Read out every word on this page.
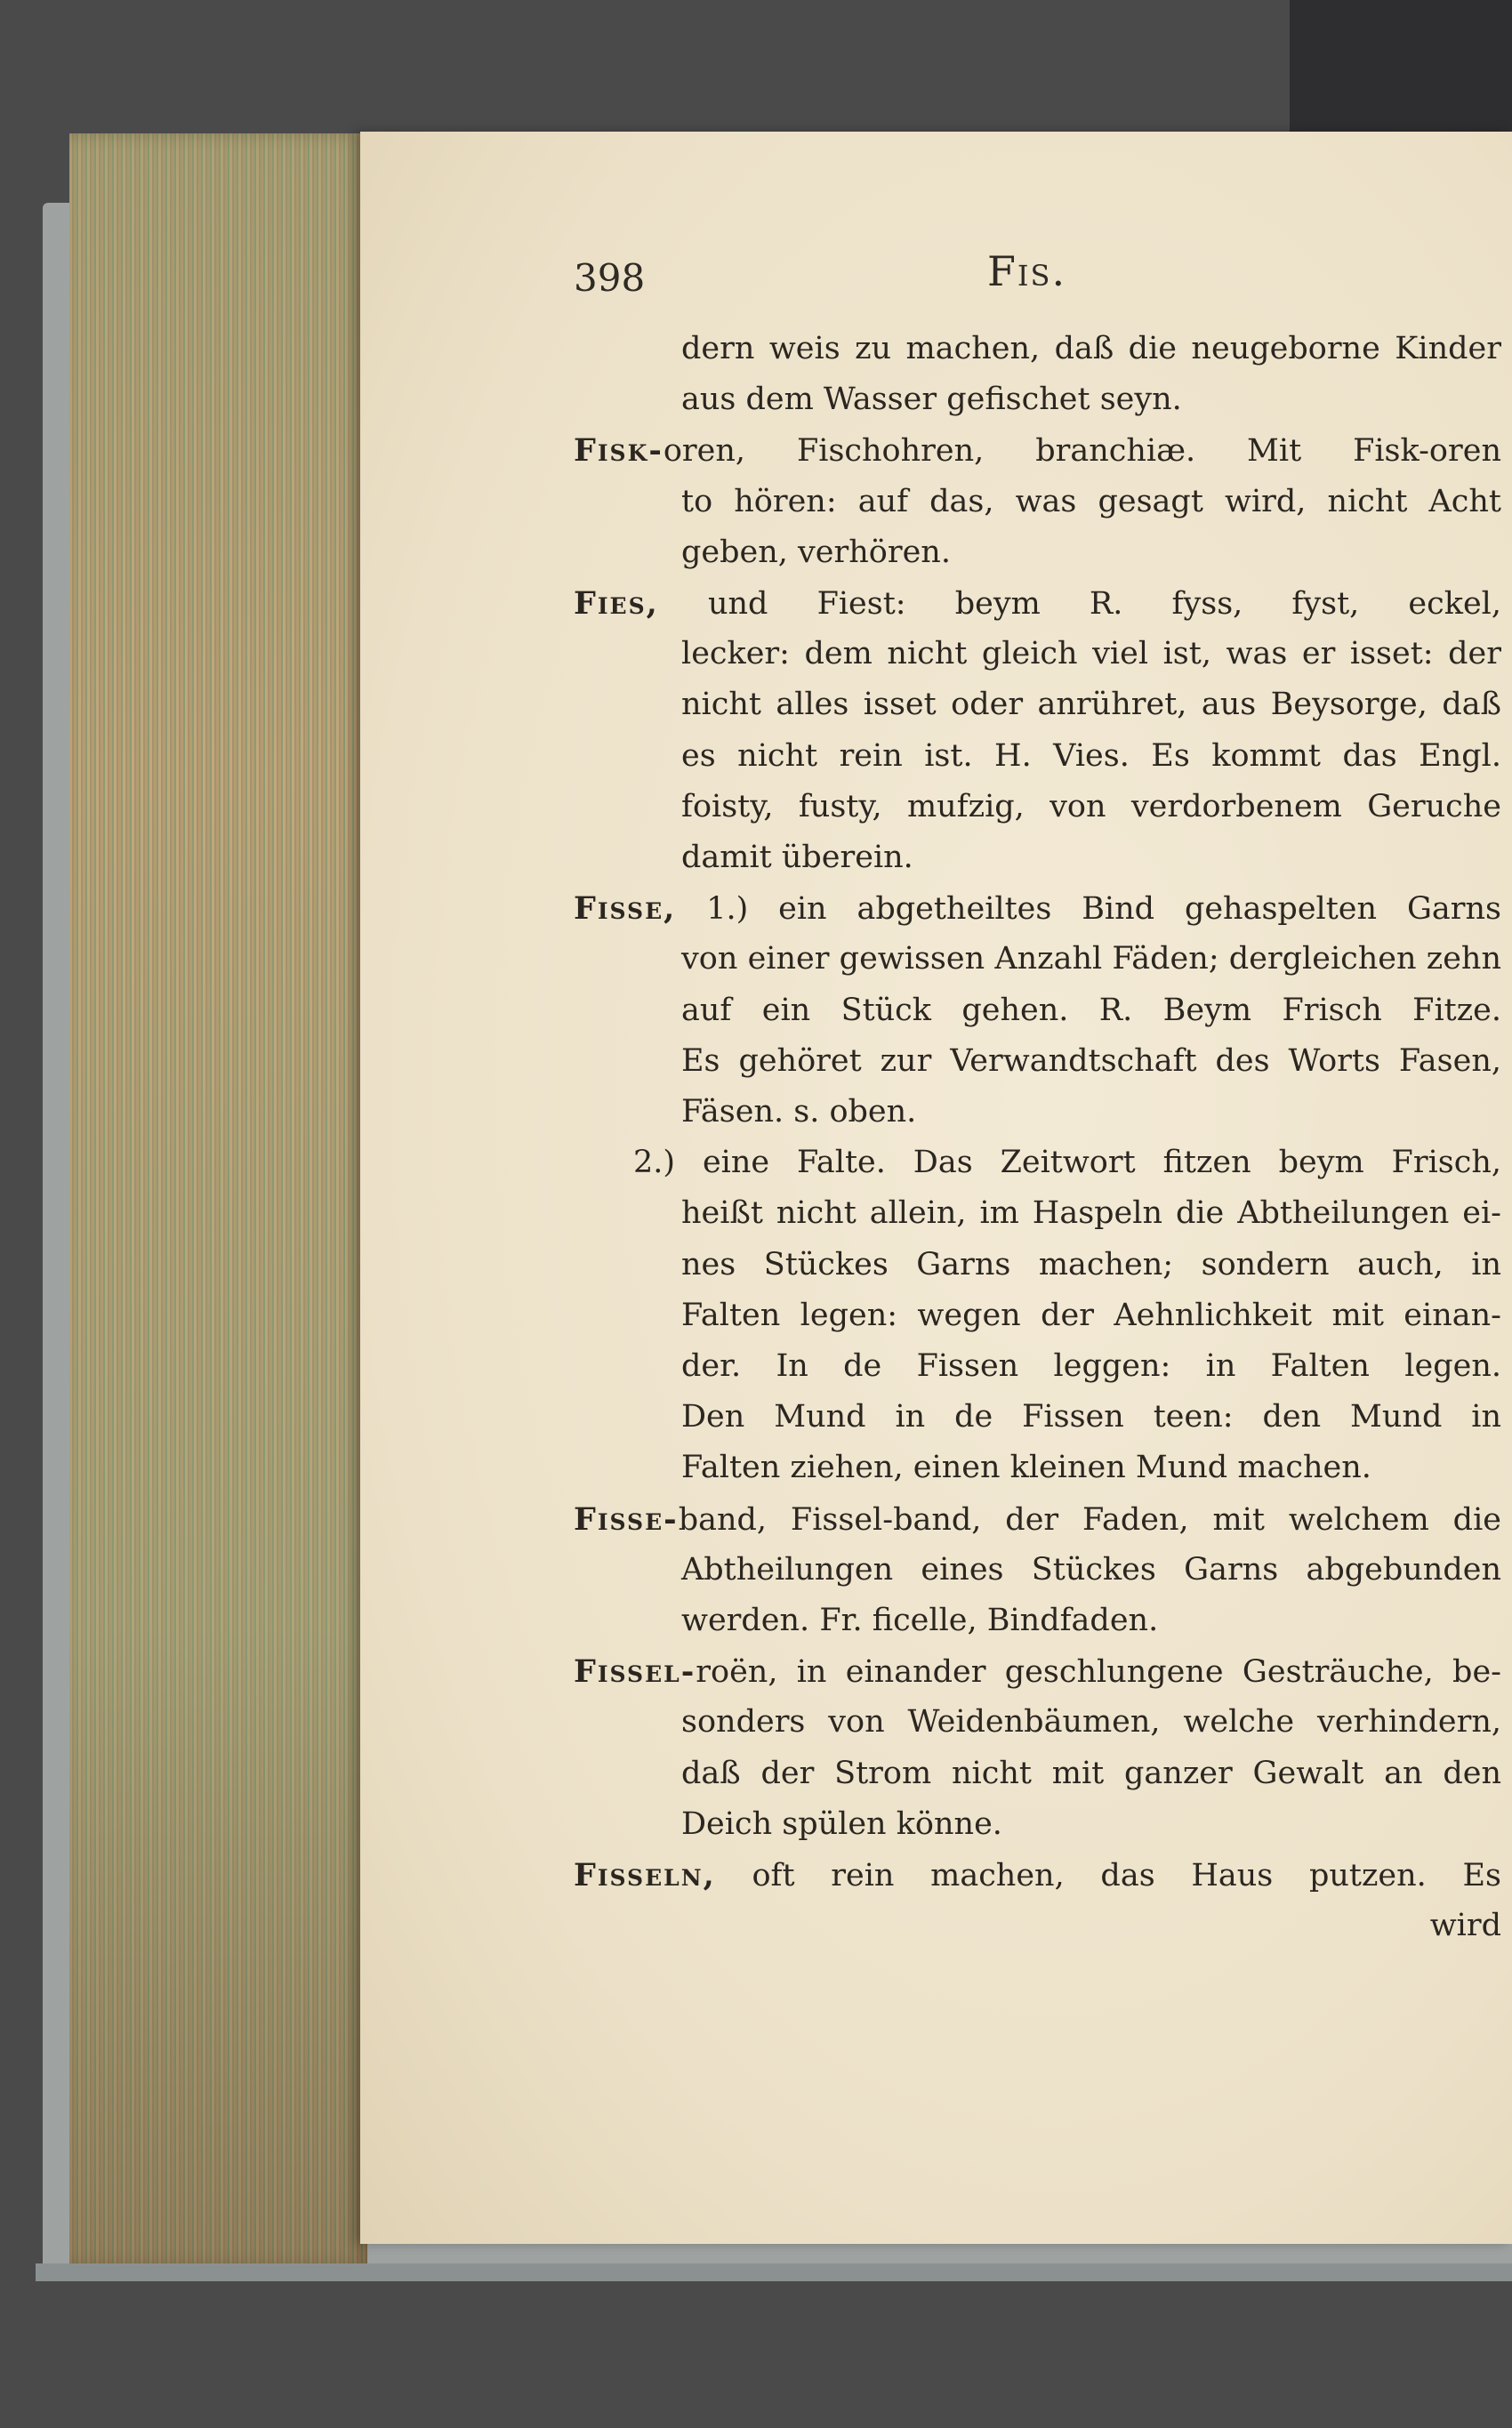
398	Fis.
dern weis zu machen, daß die neugeborne Kinder
aus dem Wasser gefischet seyn.
Fisk-oren, Fischohren, branchiæ. Mit Fisk-oren
to hören: auf das, was gesagt wird, nicht Acht
geben, verhören.
Fies, und Fiest: beym R. fyss, fyst, eckel,
lecker: dem nicht gleich viel ist, was er isset: der
nicht alles isset oder anrühret, aus Beysorge, daß
es nicht rein ist. H. Vies. Es kommt das Engl.
foisty, fusty, mufzig, von verdorbenem Geruche
damit überein.
Fisse, 1.) ein abgetheiltes Bind gehaspelten Garns
von einer gewissen Anzahl Fäden; dergleichen zehn
auf ein Stück gehen. R. Beym Frisch Fitze.
Es gehöret zur Verwandtschaft des Worts Fasen,
Fäsen. s. oben.
2.) eine Falte. Das Zeitwort fitzen beym Frisch,
heißt nicht allein, im Haspeln die Abtheilungen ei-
nes Stückes Garns machen; sondern auch, in
Falten legen: wegen der Aehnlichkeit mit einan-
der. In de Fissen leggen: in Falten legen.
Den Mund in de Fissen teen: den Mund in
Falten ziehen, einen kleinen Mund machen.
Fisse-band, Fissel-band, der Faden, mit welchem die
Abtheilungen eines Stückes Garns abgebunden
werden. Fr. ficelle, Bindfaden.
Fissel-roën, in einander geschlungene Gesträuche, be-
sonders von Weidenbäumen, welche verhindern,
daß der Strom nicht mit ganzer Gewalt an den
Deich spülen könne.
Fisseln, oft rein machen, das Haus putzen. Es
wird
